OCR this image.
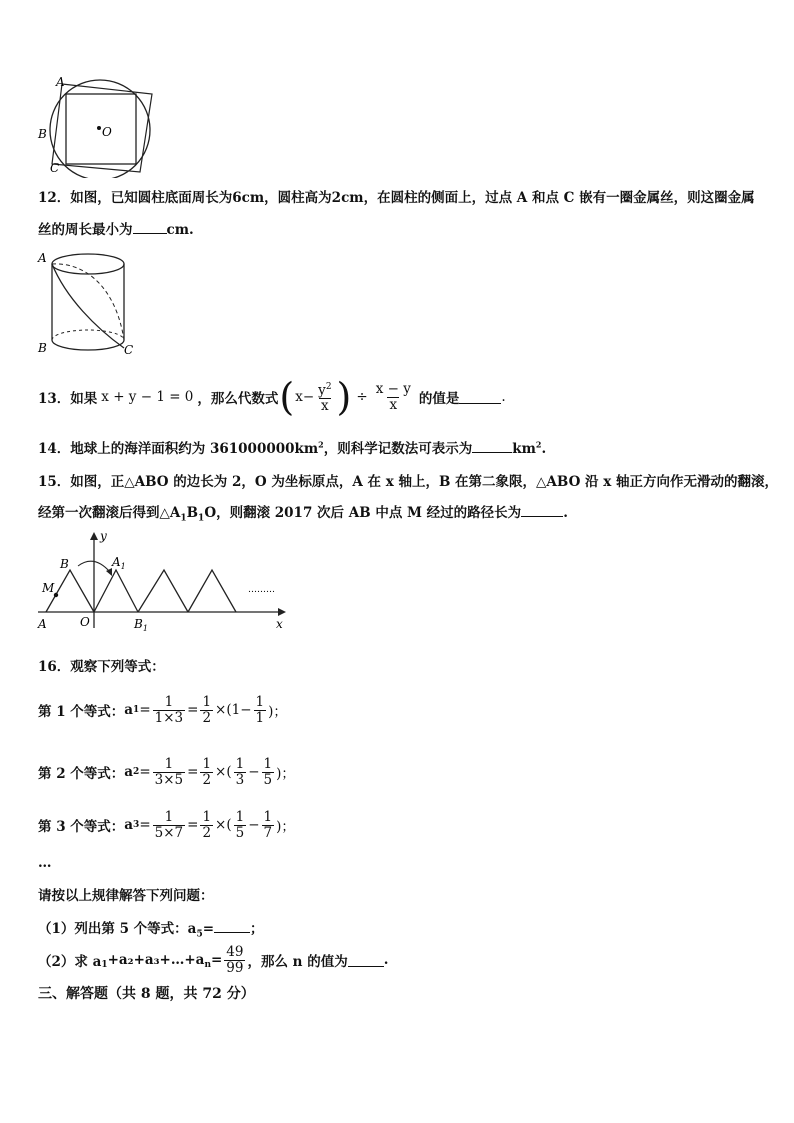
A
B
C
O
12．如图，已知圆柱底面周长为6cm，圆柱高为2cm，在圆柱的侧面上，过点 A 和点 C 嵌有一圈金属丝，则这圈金属
丝的周长最小为	cm.
A
B	C
13．如果 x + y − 1 = 0 ，那么代数式 ( $x - \frac{y^2}{x}$ ) ÷ $\frac{x - y}{x}$ 的值是	.
14．地球上的海洋面积约为 $361000000km^2$，则科学记数法可表示为	$km^2$.
15．如图，正△ABO 的边长为 2，O 为坐标原点，A 在 x 轴上，B 在第二象限，△ABO 沿 x 轴正方向作无滑动的翻滚，
经第一次翻滚后得到$\triangle A_1B_1O$，则翻滚 2017 次后 AB 中点 M 经过的路径长为	.
y
B	$A_1$
M
A	O	$B_1$	x
………
16．观察下列等式：
第 1 个等式： a $1 = \frac{1}{1\times 3} = \frac{1}{2} \times(1- \frac{1}{1}$ )；
第 2 个等式： a $2 = \frac{1}{3\times 5} = \frac{1}{2}$ ×( $\frac{1}{3} - \frac{1}{5}$ )；
第 3 个等式： a $3 = \frac{1}{5\times 7} = \frac{1}{2}$ ×( $\frac{1}{5} - \frac{1}{7}$ )；
…
请按以上规律解答下列问题：
（1）列出第 5 个等式：$a_5=$	；
（2）求 $a_1$ $+a_2+a_3+\dots+a_n = \frac{49}{99}$ ，那么 n 的值为	.
三、解答题（共 8 题，共 72 分）
